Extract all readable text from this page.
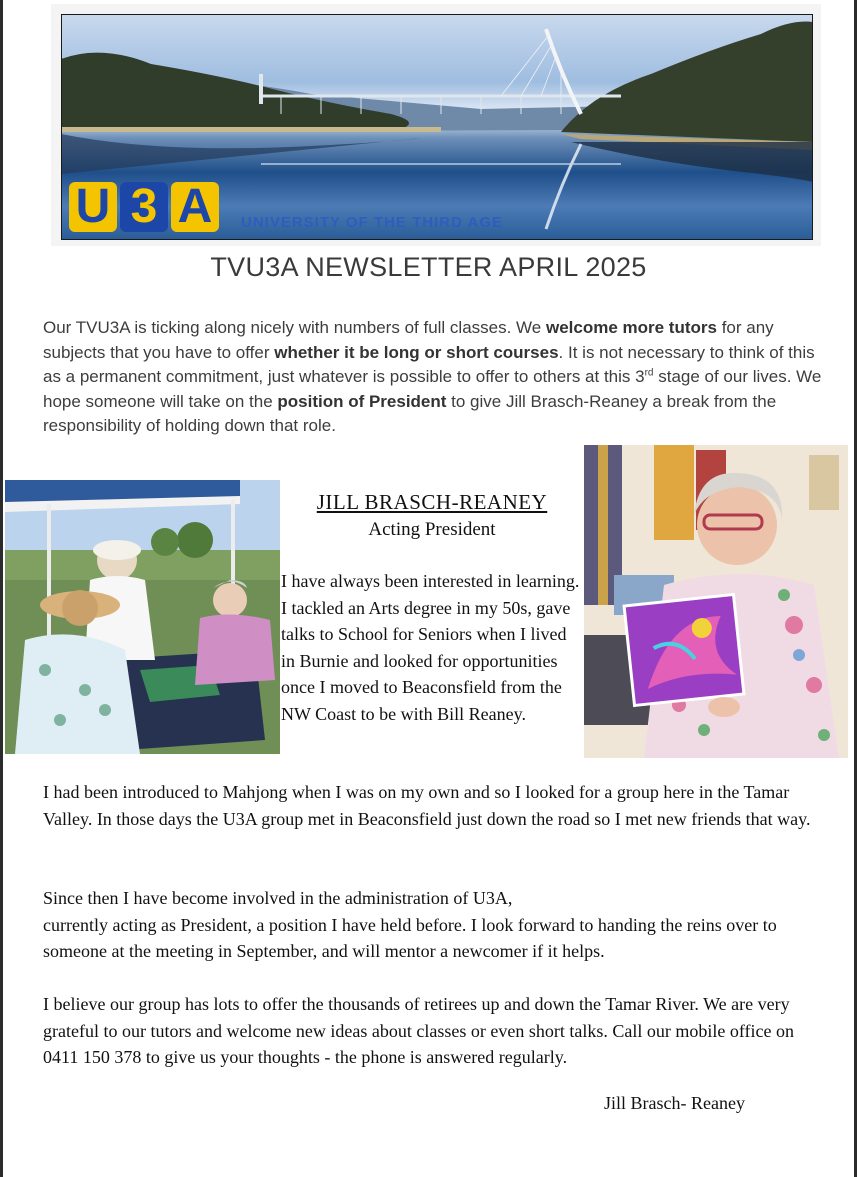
U 3 A	UNIVERSITY OF THE THIRD AGE
TVU3A NEWSLETTER APRIL 2025
Our TVU3A is ticking along nicely with numbers of full classes. We welcome more tutors for any subjects that you have to offer whether it be long or short courses. It is not necessary to think of this as a permanent commitment, just whatever is possible to offer to others at this 3rd stage of our lives. We hope someone will take on the position of President to give Jill Brasch-Reaney a break from the responsibility of holding down that role.
JILL BRASCH-REANEY
Acting President
I have always been interested in learning. I tackled an Arts degree in my 50s, gave talks to School for Seniors when I lived in Burnie and looked for opportunities once I moved to Beaconsfield from the NW Coast to be with Bill Reaney.
I had been introduced to Mahjong when I was on my own and so I looked for a group here in the Tamar Valley. In those days the U3A group met in Beaconsfield just down the road so I met new friends that way.
Since then I have become involved in the administration of U3A,
currently acting as President, a position I have held before. I look forward to handing the reins over to someone at the meeting in September, and will mentor a newcomer if it helps.
I believe our group has lots to offer the thousands of retirees up and down the Tamar River. We are very grateful to our tutors and welcome new ideas about classes or even short talks. Call our mobile office on 0411 150 378 to give us your thoughts - the phone is answered regularly.
Jill Brasch- Reaney
